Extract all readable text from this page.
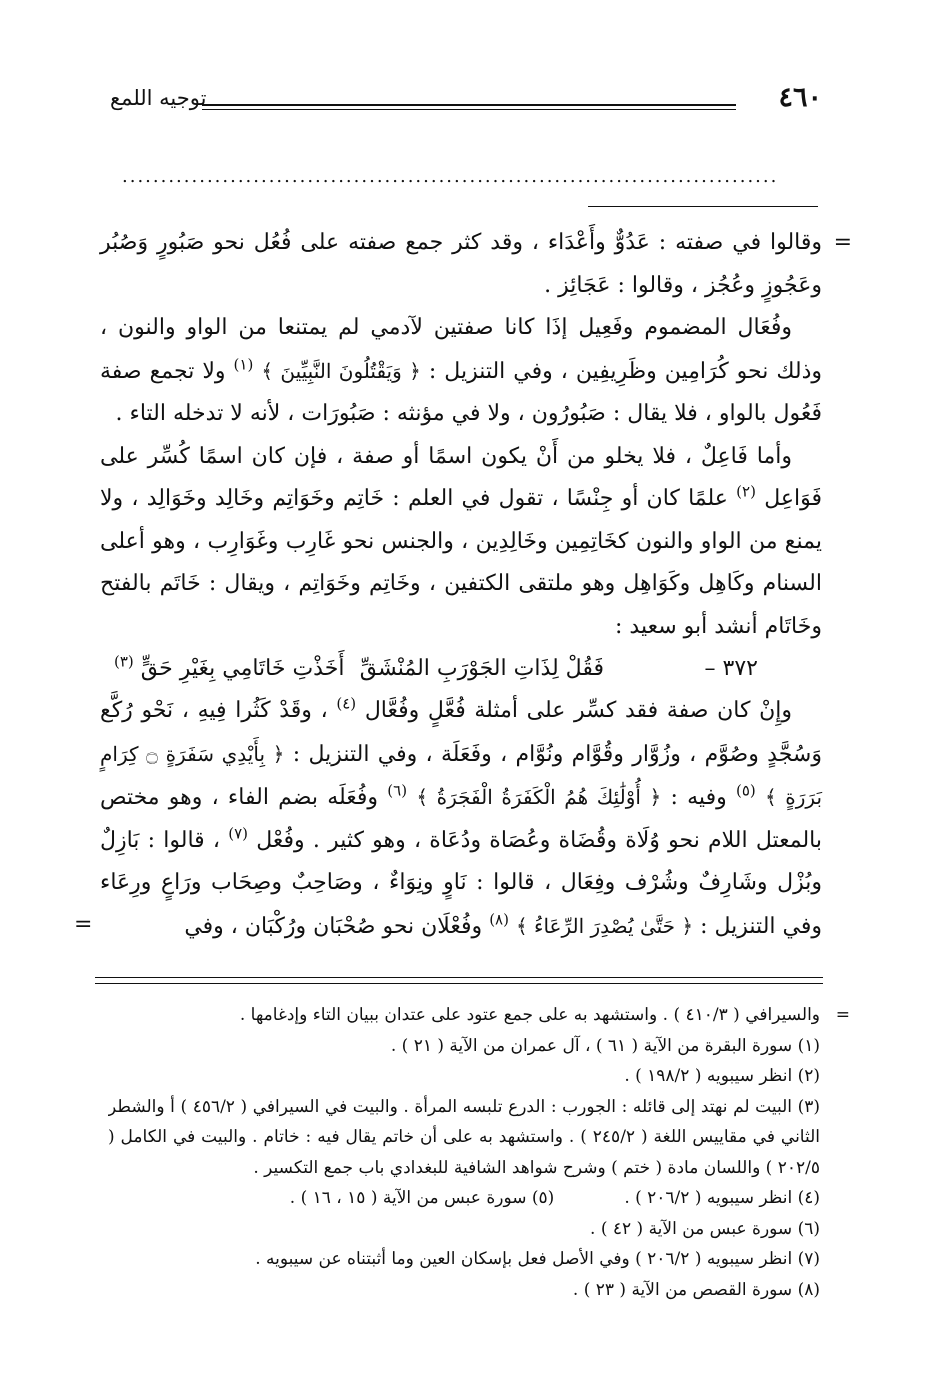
٤٦٠
توجيه اللمع
.....................................................................................

=
وقالوا في صفته : عَدُوٌّ وأَعْدَاء ، وقد كثر جمع صفته على فُعُل نحو صَبُورٍ وَصُبُر وعَجُوزٍ وعُجُز ، وقالوا : عَجَائِز .

وفُعَال المضموم وفَعِيل إذَا كانا صفتين لآدمي لم يمتنعا من الواو والنون ، وذلك نحو كُرَامِين وظَرِيفِين ، وفي التنزيل : ﴿ وَيَقْتُلُونَ النَّبِيِّينَ ﴾ $^{(١)}$ ولا تجمع صفة فَعُول بالواو ، فلا يقال : صَبُورُون ، ولا في مؤنثه : صَبُورَات ، لأنه لا تدخله التاء .

وأما فَاعِلٌ ، فلا يخلو من أَنْ يكون اسمًا أو صفة ، فإن كان اسمًا كُسِّر على فَوَاعِل $^{(٢)}$ علمًا كان أو جِنْسًا ، تقول في العلم : خَاتِم وخَوَاتِم وخَالِد وخَوَالِد ، ولا يمنع من الواو والنون كخَاتِمِين وخَالِدِين ، والجنس نحو غَارِب وغَوَارِب ، وهو أعلى السنام وكَاهِل وكَوَاهِل وهو ملتقى الكتفين ، وخَاتِم وخَوَاتِم ، ويقال : خَاتَم بالفتح وخَاتَام أنشد أبو سعيد :

٣٧٢ –
فَقُلْ لِذَاتِ الجَوْرَبِ المُنْشَقِّ
أَخَذْتِ خَاتَامِي بِغَيْرِ حَقٍّ $^{(٣)}$

وإِنْ كان صفة فقد كسِّر على أمثلة فُعَّلٍ وفُعَّال $^{(٤)}$ ، وقَدْ كَثُرا فِيهِ ، نَحْو رُكَّع وَسُجَّدٍ وصُوَّم ، وزُوَّار وقُوَّام ونُوَّام ، وفَعَلَة ، وفي التنزيل : ﴿ بِأَيْدِي سَفَرَةٍ ۝ كِرَامٍ بَرَرَةٍ ﴾ $^{(٥)}$ وفيه : ﴿ أُوْلَٰئِكَ هُمُ الْكَفَرَةُ الْفَجَرَةُ ﴾ $^{(٦)}$ وفُعَلَه بضم الفاء ، وهو مختص بالمعتل اللام نحو وُلَاة وقُضَاة وعُصَاة ودُعَاة ، وهو كثير . وفُعْل $^{(٧)}$ ، قالوا : بَازِلٌ وبُزْل وشَارِفٌ وشُرْف وفِعَال ، قالوا : نَاوٍ ونِوَاءٌ ، وصَاحِبٌ وصِحَاب ورَاعٍ ورِعَاء وفي التنزيل : ﴿ حَتَّىٰ يُصْدِرَ الرِّعَاءُ ﴾ $^{(٨)}$ وفُعْلَان نحو صُحْبَان ورُكْبَان ، وفي
=

=
والسيرافي ( ٤١٠/٣ ) . واستشهد به على جمع عتود على عتدان ببيان التاء وإدغامها .

(١) سورة البقرة من الآية ( ٦١ ) ، آل عمران من الآية ( ٢١ ) .

(٢) انظر سيبويه ( ١٩٨/٢ ) .

(٣) البيت لم نهتد إلى قائله : الجورب : الدرع تلبسه المرأة . والبيت في السيرافي ( ٤٥٦/٢ ) أ والشطر الثاني في مقاييس اللغة ( ٢٤٥/٢ ) . واستشهد به على أن خاتم يقال فيه : خاتام . والبيت في الكامل ( ٢٠٢/٥ ) واللسان مادة ( ختم ) وشرح شواهد الشافية للبغدادي باب جمع التكسير .

(٤) انظر سيبويه ( ٢٠٦/٢ ) .
(٥) سورة عبس من الآية ( ١٥ ، ١٦ ) .

(٦) سورة عبس من الآية ( ٤٢ ) .

(٧) انظر سيبويه ( ٢٠٦/٢ ) وفي الأصل فعل بإسكان العين وما أثبتناه عن سيبويه .

(٨) سورة القصص من الآية ( ٢٣ ) .
